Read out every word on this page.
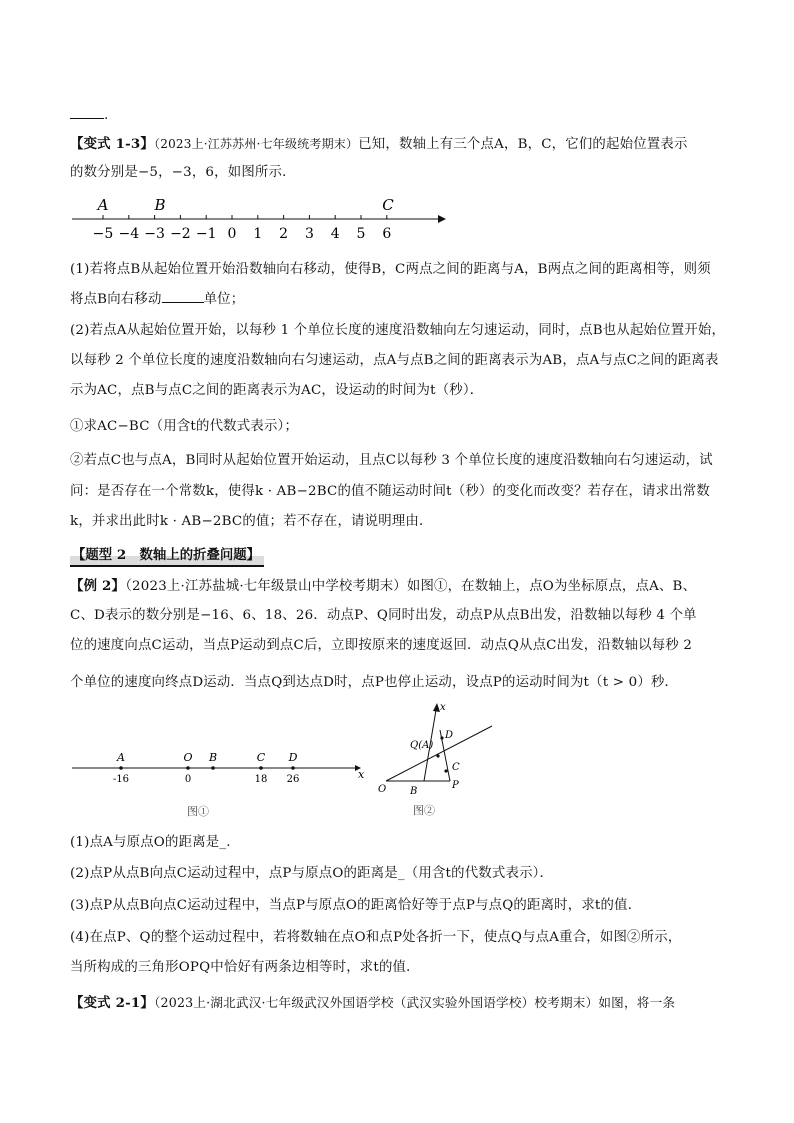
.
【变式 1-3】（2023上·江苏苏州·七年级统考期末）已知，数轴上有三个点A，B，C，它们的起始位置表示
的数分别是−5，−3，6，如图所示．
−5 −4 −3 −2 −1 0 1 2 3 4 5 6
A	B	C
(1)若将点B从起始位置开始沿数轴向右移动，使得B，C两点之间的距离与A，B两点之间的距离相等，则须
将点B向右移动	单位；
(2)若点A从起始位置开始，以每秒 1 个单位长度的速度沿数轴向左匀速运动，同时，点B也从起始位置开始，
以每秒 2 个单位长度的速度沿数轴向右匀速运动，点A与点B之间的距离表示为AB，点A与点C之间的距离表
示为AC，点B与点C之间的距离表示为AC，设运动的时间为t（秒）．
①求AC−BC（用含t的代数式表示）；
②若点C也与点A，B同时从起始位置开始运动，且点C以每秒 3 个单位长度的速度沿数轴向右匀速运动，试
问：是否存在一个常数k，使得k · AB−2BC的值不随运动时间t（秒）的变化而改变？若存在，请求出常数
k，并求出此时k · AB−2BC的值；若不存在，请说明理由．
【题型 2　数轴上的折叠问题】
【例 2】（2023上·江苏盐城·七年级景山中学校考期末）如图①，在数轴上，点O为坐标原点，点A、B、
C、D表示的数分别是−16、6、18、26．动点P、Q同时出发，动点P从点B出发，沿数轴以每秒 4 个单
位的速度向点C运动，当点P运动到点C后，立即按原来的速度返回．动点Q从点C出发，沿数轴以每秒 2
个单位的速度向终点D运动．当点Q到达点D时，点P也停止运动，设点P的运动时间为t（t > 0）秒．
x
A
-16
O
0
B	C
18
D
26
图①
x
Q(A)
D
C
O B
P
图②
(1)点A与原点O的距离是_.
(2)点P从点B向点C运动过程中，点P与原点O的距离是_（用含t的代数式表示）．
(3)点P从点B向点C运动过程中，当点P与原点O的距离恰好等于点P与点Q的距离时，求t的值．
(4)在点P、Q的整个运动过程中，若将数轴在点O和点P处各折一下，使点Q与点A重合，如图②所示，
当所构成的三角形OPQ中恰好有两条边相等时，求t的值．
【变式 2-1】（2023上·湖北武汉·七年级武汉外国语学校（武汉实验外国语学校）校考期末）如图，将一条
